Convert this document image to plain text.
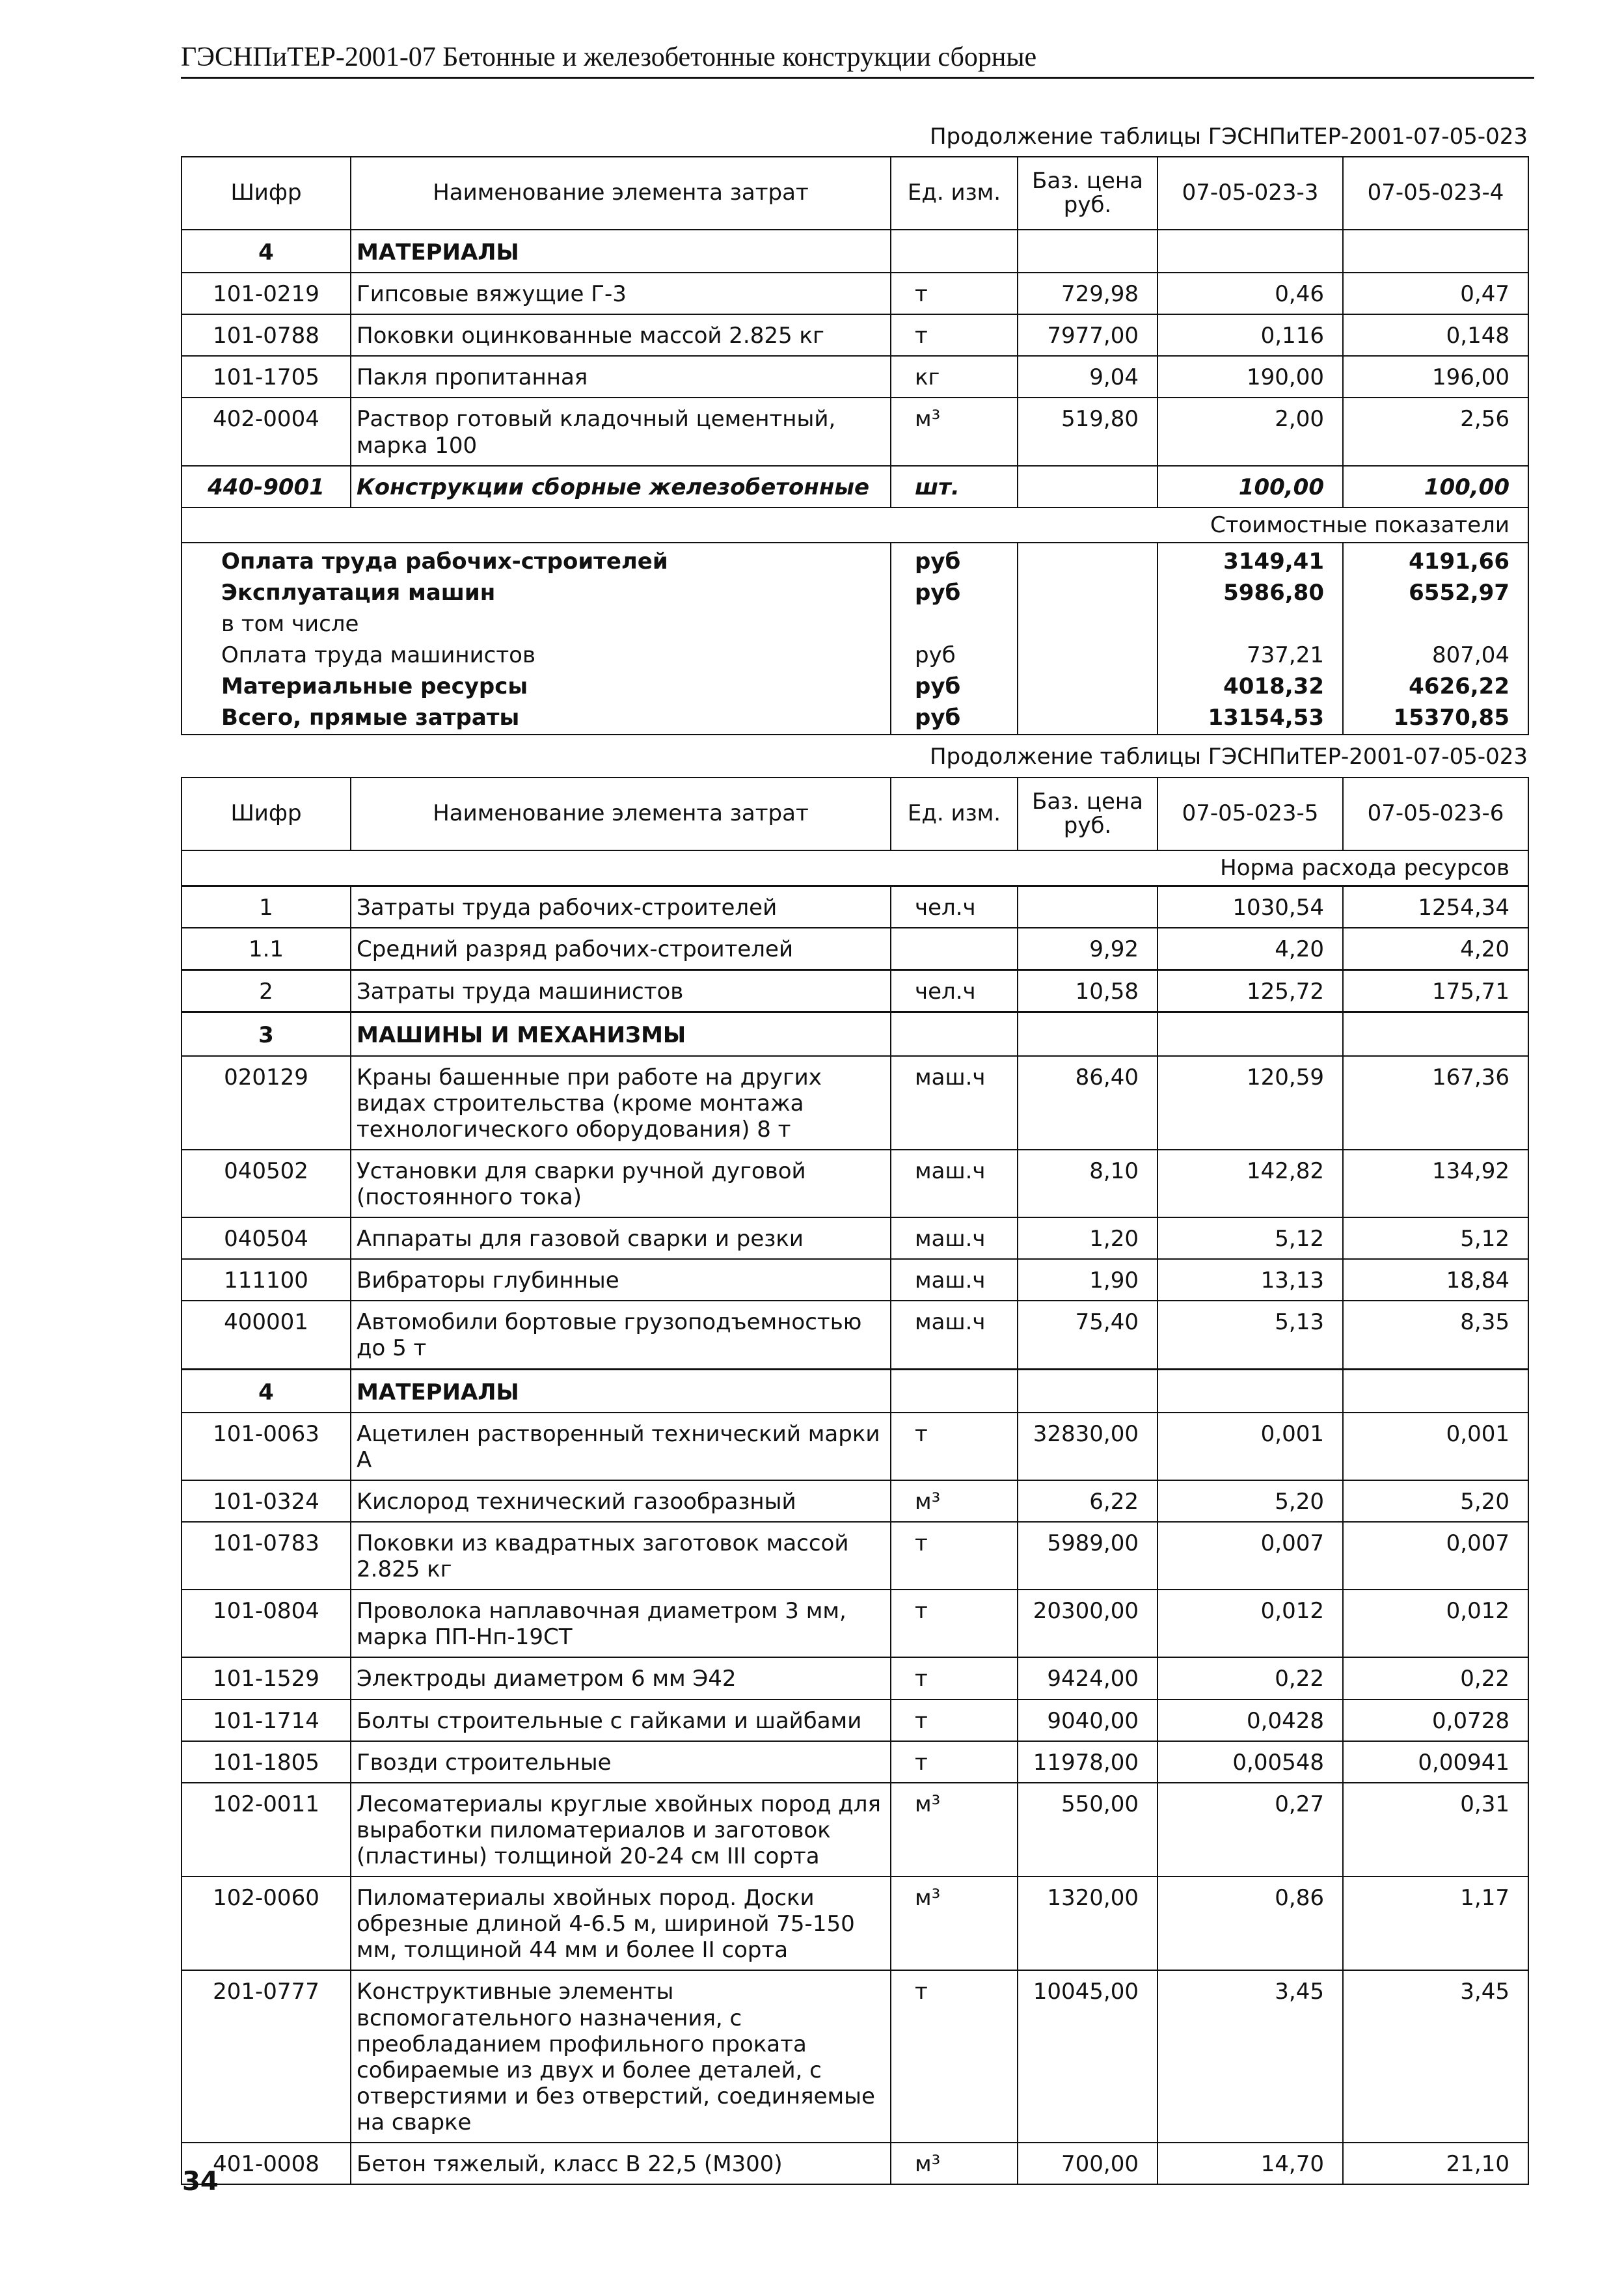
ГЭСНПиТЕР-2001-07 Бетонные и железобетонные конструкции сборные
Продолжение таблицы ГЭСНПиТЕР-2001-07-05-023
Шифр	Наименование элемента затрат	Ед. изм.	Баз. цена руб.	07-05-023-3	07-05-023-4
4	МАТЕРИАЛЫ				
101-0219	Гипсовые вяжущие Г-3	т	729,98	0,46	0,47
101-0788	Поковки оцинкованные массой 2.825 кг	т	7977,00	0,116	0,148
101-1705	Пакля пропитанная	кг	9,04	190,00	196,00
402-0004	Раствор готовый кладочный цементный, марка 100	м³	519,80	2,00	2,56
440-9001	Конструкции сборные железобетонные	шт.		100,00	100,00
Стоимостные показатели					
Оплата труда рабочих-строителей		руб		3149,41	4191,66
Эксплуатация машин		руб		5986,80	6552,97
в том числе					
Оплата труда машинистов		руб		737,21	807,04
Материальные ресурсы		руб		4018,32	4626,22
Всего, прямые затраты		руб		13154,53	15370,85
Продолжение таблицы ГЭСНПиТЕР-2001-07-05-023
Шифр	Наименование элемента затрат	Ед. изм.	Баз. цена руб.	07-05-023-5	07-05-023-6
Норма расхода ресурсов					
1	Затраты труда рабочих-строителей	чел.ч		1030,54	1254,34
1.1	Средний разряд рабочих-строителей		9,92	4,20	4,20
2	Затраты труда машинистов	чел.ч	10,58	125,72	175,71
3	МАШИНЫ И МЕХАНИЗМЫ				
020129	Краны башенные при работе на других видах строительства (кроме монтажа технологического оборудования) 8 т	маш.ч	86,40	120,59	167,36
040502	Установки для сварки ручной дуговой (постоянного тока)	маш.ч	8,10	142,82	134,92
040504	Аппараты для газовой сварки и резки	маш.ч	1,20	5,12	5,12
111100	Вибраторы глубинные	маш.ч	1,90	13,13	18,84
400001	Автомобили бортовые грузоподъемностью до 5 т	маш.ч	75,40	5,13	8,35
4	МАТЕРИАЛЫ				
101-0063	Ацетилен растворенный технический марки А	т	32830,00	0,001	0,001
101-0324	Кислород технический газообразный	м³	6,22	5,20	5,20
101-0783	Поковки из квадратных заготовок массой 2.825 кг	т	5989,00	0,007	0,007
101-0804	Проволока наплавочная диаметром 3 мм, марка ПП-Нп-19СТ	т	20300,00	0,012	0,012
101-1529	Электроды диаметром 6 мм Э42	т	9424,00	0,22	0,22
101-1714	Болты строительные с гайками и шайбами	т	9040,00	0,0428	0,0728
101-1805	Гвозди строительные	т	11978,00	0,00548	0,00941
102-0011	Лесоматериалы круглые хвойных пород для выработки пиломатериалов и заготовок (пластины) толщиной 20-24 см III сорта	м³	550,00	0,27	0,31
102-0060	Пиломатериалы хвойных пород. Доски обрезные длиной 4-6.5 м, шириной 75-150 мм, толщиной 44 мм и более II сорта	м³	1320,00	0,86	1,17
201-0777	Конструктивные элементы вспомогательного назначения, с преобладанием профильного проката собираемые из двух и более деталей, с отверстиями и без отверстий, соединяемые на сварке	т	10045,00	3,45	3,45
401-0008	Бетон тяжелый, класс В 22,5 (М300)	м³	700,00	14,70	21,10
34
